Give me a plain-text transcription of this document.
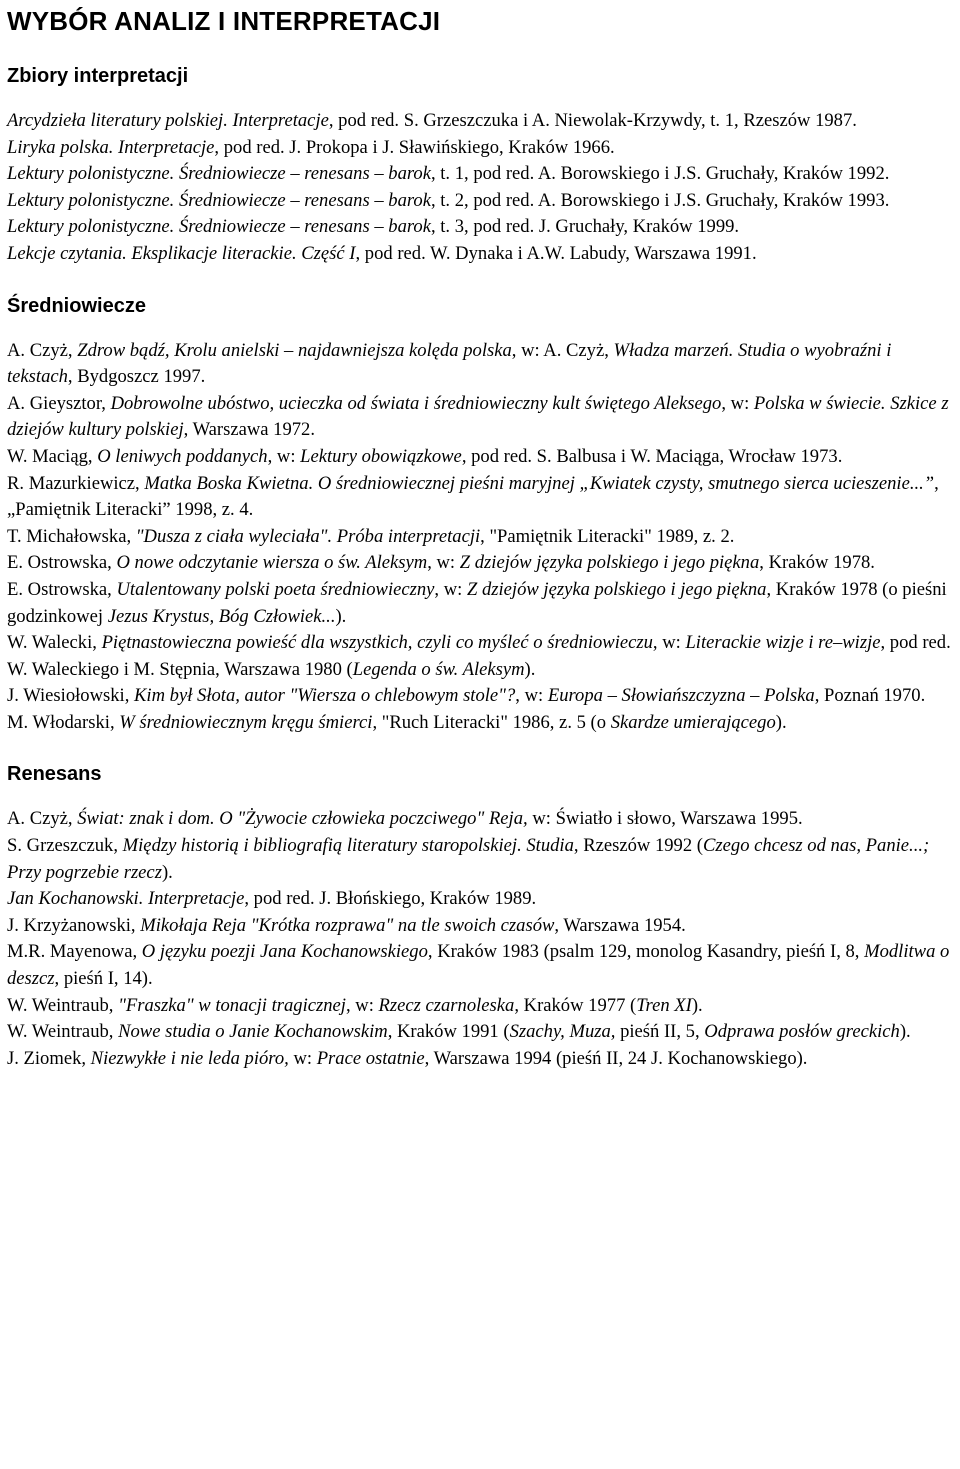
WYBÓR ANALIZ I INTERPRETACJI
Zbiory interpretacji

Arcydzieła literatury polskiej. Interpretacje, pod red. S. Grzeszczuka i A. Niewolak-Krzywdy, t. 1, Rzeszów 1987.

Liryka polska. Interpretacje, pod red. J. Prokopa i J. Sławińskiego, Kraków 1966.

Lektury polonistyczne. Średniowiecze – renesans – barok, t. 1, pod red. A. Borowskiego i J.S. Gruchały, Kraków 1992.

Lektury polonistyczne. Średniowiecze – renesans – barok, t. 2, pod red. A. Borowskiego i J.S. Gruchały, Kraków 1993.

Lektury polonistyczne. Średniowiecze – renesans – barok, t. 3, pod red. J. Gruchały, Kraków 1999.

Lekcje czytania. Eksplikacje literackie. Część I, pod red. W. Dynaka i A.W. Labudy, Warszawa 1991.

Średniowiecze

A. Czyż, Zdrow bądź, Krolu anielski – najdawniejsza kolęda polska, w: A. Czyż, Władza marzeń. Studia o wyobraźni i tekstach, Bydgoszcz 1997.

A. Gieysztor, Dobrowolne ubóstwo, ucieczka od świata i średniowieczny kult świętego Aleksego, w: Polska w świecie. Szkice z dziejów kultury polskiej, Warszawa 1972.

W. Maciąg, O leniwych poddanych, w: Lektury obowiązkowe, pod red. S. Balbusa i W. Maciąga, Wrocław 1973.

R. Mazurkiewicz, Matka Boska Kwietna. O średniowiecznej pieśni maryjnej „Kwiatek czysty, smutnego sierca ucieszenie...”, „Pamiętnik Literacki” 1998, z. 4.

T. Michałowska, "Dusza z ciała wyleciała". Próba interpretacji, "Pamiętnik Literacki" 1989, z. 2.

E. Ostrowska, O nowe odczytanie wiersza o św. Aleksym, w: Z dziejów języka polskiego i jego piękna, Kraków 1978.

E. Ostrowska, Utalentowany polski poeta średniowieczny, w: Z dziejów języka polskiego i jego piękna, Kraków 1978 (o pieśni godzinkowej Jezus Krystus, Bóg Człowiek...).

W. Walecki, Piętnastowieczna powieść dla wszystkich, czyli co myśleć o średniowieczu, w: Literackie wizje i re–wizje, pod red. W. Waleckiego i M. Stępnia, Warszawa 1980 (Legenda o św. Aleksym).

J. Wiesiołowski, Kim był Słota, autor "Wiersza o chlebowym stole"?, w: Europa – Słowiańszczyzna – Polska, Poznań 1970.

M. Włodarski, W średniowiecznym kręgu śmierci, "Ruch Literacki" 1986, z. 5 (o Skardze umierającego).

Renesans

A. Czyż, Świat: znak i dom. O "Żywocie człowieka poczciwego" Reja, w: Światło i słowo, Warszawa 1995.

S. Grzeszczuk, Między historią i bibliografią literatury staropolskiej. Studia, Rzeszów 1992 (Czego chcesz od nas, Panie...; Przy pogrzebie rzecz).

Jan Kochanowski. Interpretacje, pod red. J. Błońskiego, Kraków 1989.

J. Krzyżanowski, Mikołaja Reja "Krótka rozprawa" na tle swoich czasów, Warszawa 1954.

M.R. Mayenowa, O języku poezji Jana Kochanowskiego, Kraków 1983 (psalm 129, monolog Kasandry, pieśń I, 8, Modlitwa o deszcz, pieśń I, 14).

W. Weintraub, "Fraszka" w tonacji tragicznej, w: Rzecz czarnoleska, Kraków 1977 (Tren XI).

W. Weintraub, Nowe studia o Janie Kochanowskim, Kraków 1991 (Szachy, Muza, pieśń II, 5, Odprawa posłów greckich).

J. Ziomek, Niezwykłe i nie leda pióro, w: Prace ostatnie, Warszawa 1994 (pieśń II, 24 J. Kochanowskiego).
